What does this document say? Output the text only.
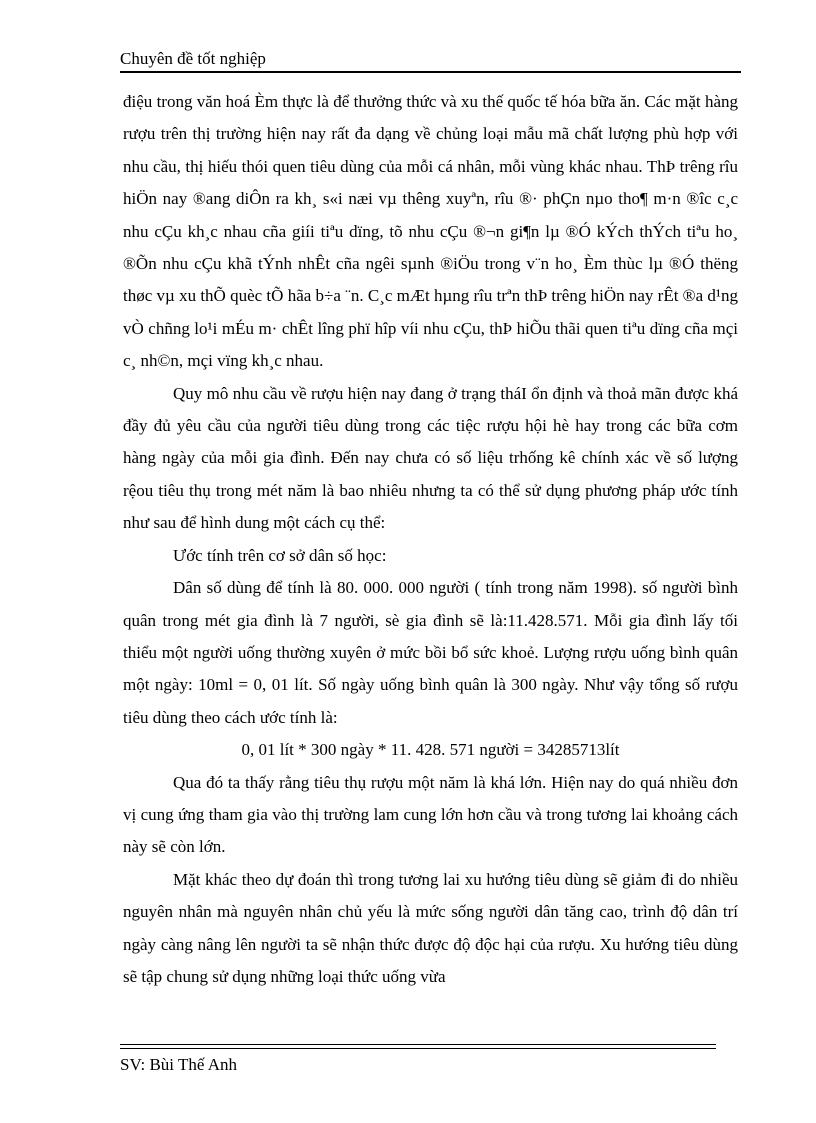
Chuyên đề tốt nghiệp

điệu trong văn hoá Èm thực là để thưởng thức và xu thế quốc tế hóa bữa ăn. Các mặt hàng rượu trên thị trường hiện nay rất đa dạng về chủng loại mẫu mã chất lượng phù hợp với nhu cầu, thị hiếu thói quen tiêu dùng của mỗi cá nhân, mỗi vùng khác nhau. ThÞ trêng rîu hiÖn nay ®ang diÔn ra kh¸ s«i næi vµ thêng xuyªn, rîu ®· phÇn nµo tho¶ m·n ®îc c¸c nhu cÇu kh¸c nhau cña giíi tiªu dïng, tõ nhu cÇu ®¬n gi¶n lµ ®Ó kÝch thÝch tiªu ho¸ ®Õn nhu cÇu khã tÝnh nhÊt cña ngêi sµnh ®iÖu trong v¨n ho¸ Èm thùc lµ ®Ó thëng thøc vµ xu thÕ quèc tÕ hãa b÷a ¨n. C¸c mÆt hµng rîu trªn thÞ trêng hiÖn nay rÊt ®a d¹ng vÒ chñng lo¹i mÉu m· chÊt lîng phï hîp víi nhu cÇu, thÞ hiÕu thãi quen tiªu dïng cña mçi c¸ nh©n, mçi vïng kh¸c nhau.

Quy mô nhu cầu về rượu hiện nay đang ở trạng tháI ổn định và thoả mãn được khá đầy đủ yêu cầu của người tiêu dùng trong các tiệc rượu hội hè hay trong các bữa cơm hàng ngày của mỗi gia đình. Đến nay chưa có số liệu trhống kê chính xác về số lượng rệou tiêu thụ trong mét năm là bao nhiêu nhưng ta có thể sử dụng phương pháp ước tính như sau để hình dung một cách cụ thể:

Ước tính trên cơ sở dân số học:

Dân số dùng để tính là 80. 000. 000 người ( tính trong năm 1998). số người bình quân trong mét gia đình là 7 người, sè gia đình sẽ là:11.428.571. Mỗi gia đình lấy tối thiểu một người uống thường xuyên ở mức bồi bổ sức khoẻ. Lượng rượu uống bình quân một ngày: 10ml = 0, 01 lít. Số ngày uống bình quân là 300 ngày. Như vậy tổng số rượu tiêu dùng theo cách ước tính là:

0, 01 lít * 300 ngày * 11. 428. 571 người = 34285713lít

Qua đó ta thấy rằng tiêu thụ rượu một năm là khá lớn. Hiện nay do quá nhiều đơn vị cung ứng tham gia vào thị trường lam cung lớn hơn cầu và trong tương lai khoảng cách này sẽ còn lớn.

Mặt khác theo dự đoán thì trong tương lai xu hướng tiêu dùng sẽ giảm đi do nhiều nguyên nhân mà nguyên nhân chủ yếu là mức sống người dân tăng cao, trình độ dân trí ngày càng nâng lên người ta sẽ nhận thức được độ độc hại của rượu. Xu hướng tiêu dùng sẽ tập chung sử dụng những loại thức uống vừa

SV: Bùi Thế Anh
